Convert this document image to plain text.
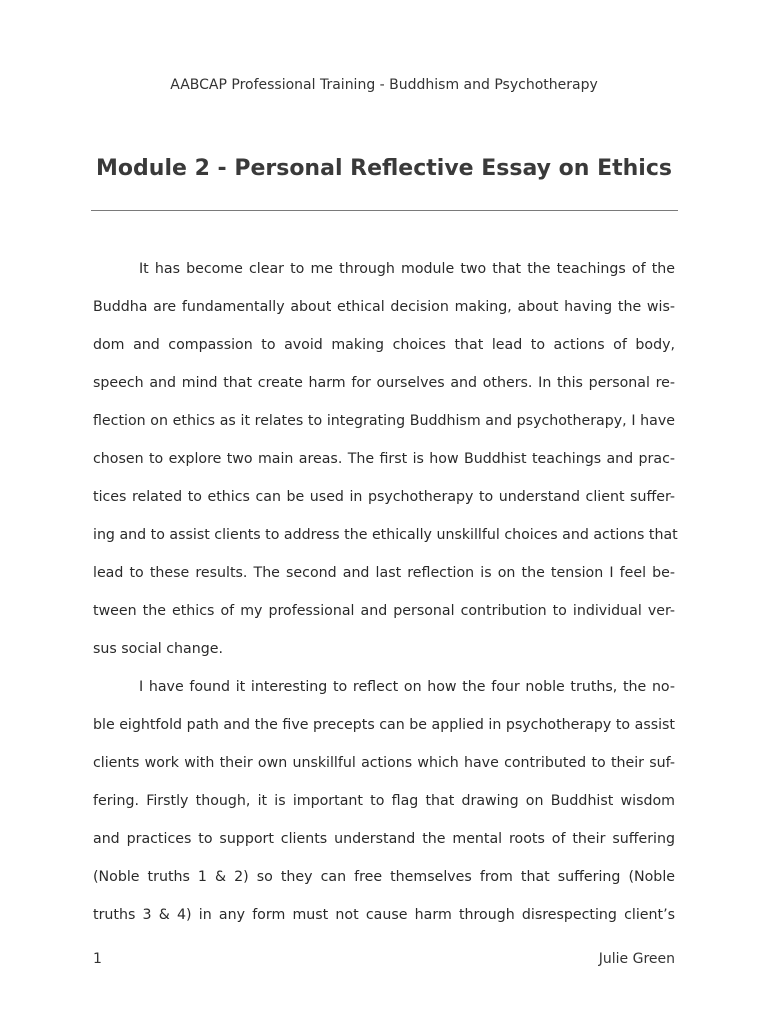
AABCAP Professional Training - Buddhism and Psychotherapy
Module 2 - Personal Reflective Essay on Ethics
It has become clear to me through module two that the teachings of the
Buddha are fundamentally about ethical decision making, about having the wis-
dom and compassion to avoid making choices that lead to actions of body,
speech and mind that create harm for ourselves and others. In this personal re-
flection on ethics as it relates to integrating Buddhism and psychotherapy, I have
chosen to explore two main areas. The first is how Buddhist teachings and prac-
tices related to ethics can be used in psychotherapy to understand client suffer-
ing and to assist clients to address the ethically unskillful choices and actions that
lead to these results. The second and last reflection is on the tension I feel be-
tween the ethics of my professional and personal contribution to individual ver-
sus social change.
I have found it interesting to reflect on how the four noble truths, the no-
ble eightfold path and the five precepts can be applied in psychotherapy to assist
clients work with their own unskillful actions which have contributed to their suf-
fering. Firstly though, it is important to flag that drawing on Buddhist wisdom
and practices to support clients understand the mental roots of their suffering
(Noble truths 1 & 2) so they can free themselves from that suffering (Noble
truths 3 & 4) in any form must not cause harm through disrespecting client’s
1	Julie Green
